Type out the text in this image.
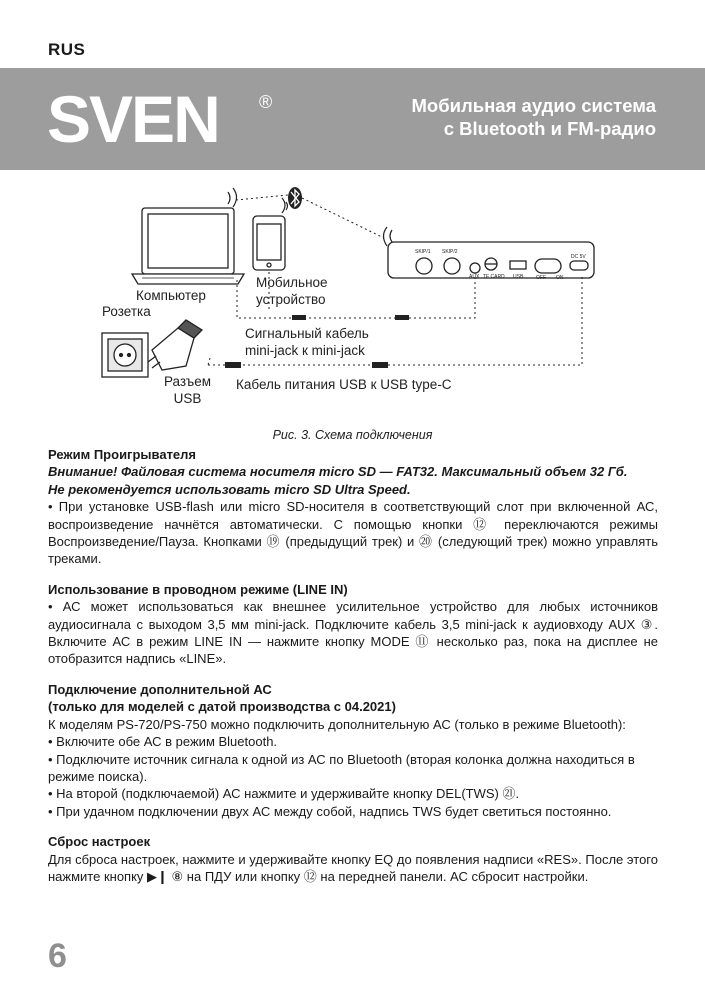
RUS
SVEN ®	Мобильная аудио система
с Bluetooth и FM-радио
SKIP/1 SKIP/2
AUX TF CARD USB	OFF——ON
DC 5V
Компьютер
Розетка
Мобильное
устройство
Сигнальный кабель
mini-jack к mini-jack
Разъем
USB
Кабель питания USB к USB type-C
Рис. 3. Схема подключения

Режим Проигрывателя

Внимание! Файловая система носителя micro SD — FAT32. Максимальный объем 32 Гб.

Не рекомендуется использовать micro SD Ultra Speed.

• При установке USB-flash или micro SD-носителя в соответствующий слот при включенной АС, воспроизведение начнётся автоматически. С помощью кнопки ⑫ переключаются режимы Воспроизведение/Пауза. Кнопками ⑲ (предыдущий трек) и ⑳ (следующий трек) можно управлять треками.

Использование в проводном режиме (LINE IN)

• АС может использоваться как внешнее усилительное устройство для любых источников аудиосигнала с выходом 3,5 мм mini-jack. Подключите кабель 3,5 mini-jack к аудиовходу AUX ③. Включите АС в режим LINE IN — нажмите кнопку MODE ⑪ несколько раз, пока на дисплее не отобразится надпись «LINE».

Подключение дополнительной АС

(только для моделей с датой производства с 04.2021)

К моделям PS-720/PS-750 можно подключить дополнительную АС (только в режиме Bluetooth):

• Включите обе АС в режим Bluetooth.

• Подключите источник сигнала к одной из АС по Bluetooth (вторая колонка должна находиться в режиме поиска).

• На второй (подключаемой) АС нажмите и удерживайте кнопку DEL(TWS) ㉑.

• При удачном подключении двух АС между собой, надпись TWS будет светиться постоянно.

Сброс настроек

Для сброса настроек, нажмите и удерживайте кнопку EQ до появления надписи «RES». После этого нажмите кнопку ▶❙ ⑧ на ПДУ или кнопку ⑫ на передней панели. АС сбросит настройки.

6
